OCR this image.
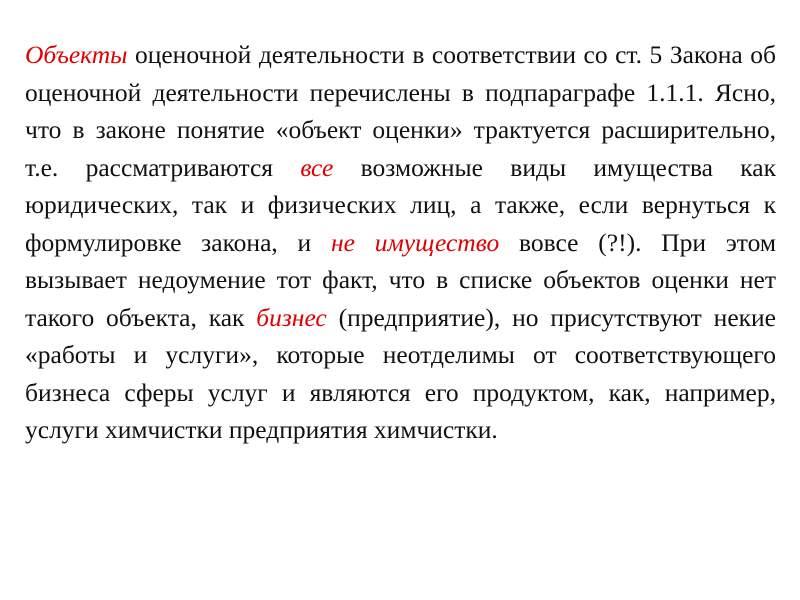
Объекты оценочной деятельности в соответствии со ст. 5 Закона об оценочной деятельности перечислены в подпараграфе 1.1.1. Ясно, что в законе понятие «объект оценки» трактуется расширительно, т.е. рассматриваются все возможные виды имущества как юридических, так и физических лиц, а также, если вернуться к формулировке закона, и не имущество вовсе (?!). При этом вызывает недоумение тот факт, что в списке объектов оценки нет такого объекта, как бизнес (предприятие), но присутствуют некие «работы и услуги», которые неотделимы от соответствующего бизнеса сферы услуг и являются его продуктом, как, например, услуги химчистки предприятия химчистки.
